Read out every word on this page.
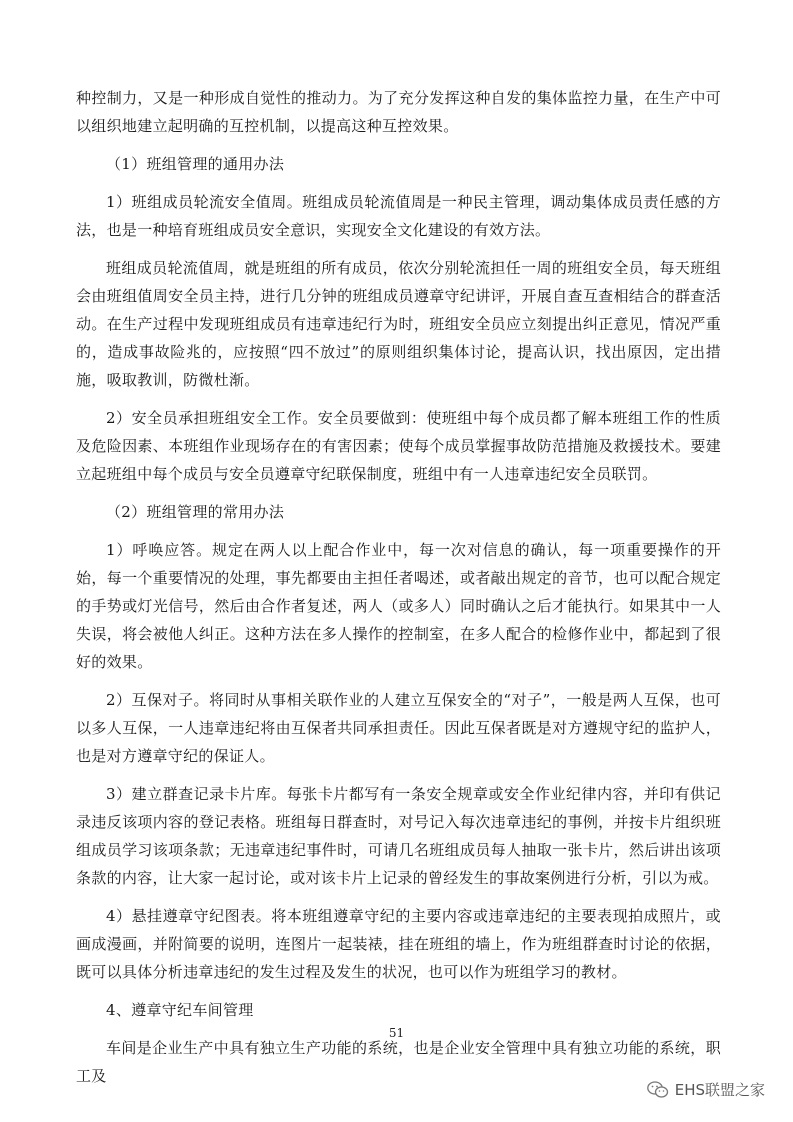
种控制力，又是一种形成自觉性的推动力。为了充分发挥这种自发的集体监控力量，在生产中可以组织地建立起明确的互控机制，以提高这种互控效果。

（1）班组管理的通用办法

1）班组成员轮流安全值周。班组成员轮流值周是一种民主管理，调动集体成员责任感的方法，也是一种培育班组成员安全意识，实现安全文化建设的有效方法。

班组成员轮流值周，就是班组的所有成员，依次分别轮流担任一周的班组安全员，每天班组会由班组值周安全员主持，进行几分钟的班组成员遵章守纪讲评，开展自查互查相结合的群查活动。在生产过程中发现班组成员有违章违纪行为时，班组安全员应立刻提出纠正意见，情况严重的，造成事故险兆的，应按照“四不放过”的原则组织集体讨论，提高认识，找出原因，定出措施，吸取教训，防微杜渐。

2）安全员承担班组安全工作。安全员要做到：使班组中每个成员都了解本班组工作的性质及危险因素、本班组作业现场存在的有害因素；使每个成员掌握事故防范措施及救援技术。要建立起班组中每个成员与安全员遵章守纪联保制度，班组中有一人违章违纪安全员联罚。

（2）班组管理的常用办法

1）呼唤应答。规定在两人以上配合作业中，每一次对信息的确认，每一项重要操作的开始，每一个重要情况的处理，事先都要由主担任者喝述，或者敲出规定的音节，也可以配合规定的手势或灯光信号，然后由合作者复述，两人（或多人）同时确认之后才能执行。如果其中一人失误，将会被他人纠正。这种方法在多人操作的控制室，在多人配合的检修作业中，都起到了很好的效果。

2）互保对子。将同时从事相关联作业的人建立互保安全的“对子”，一般是两人互保，也可以多人互保，一人违章违纪将由互保者共同承担责任。因此互保者既是对方遵规守纪的监护人，也是对方遵章守纪的保证人。

3）建立群查记录卡片库。每张卡片都写有一条安全规章或安全作业纪律内容，并印有供记录违反该项内容的登记表格。班组每日群查时，对号记入每次违章违纪的事例，并按卡片组织班组成员学习该项条款；无违章违纪事件时，可请几名班组成员每人抽取一张卡片，然后讲出该项条款的内容，让大家一起讨论，或对该卡片上记录的曾经发生的事故案例进行分析，引以为戒。

4）悬挂遵章守纪图表。将本班组遵章守纪的主要内容或违章违纪的主要表现拍成照片，或画成漫画，并附简要的说明，连图片一起装裱，挂在班组的墙上，作为班组群查时讨论的依据，既可以具体分析违章违纪的发生过程及发生的状况，也可以作为班组学习的教材。

4、遵章守纪车间管理

车间是企业生产中具有独立生产功能的系统，也是企业安全管理中具有独立功能的系统，职工及

51
EHS联盟之家
